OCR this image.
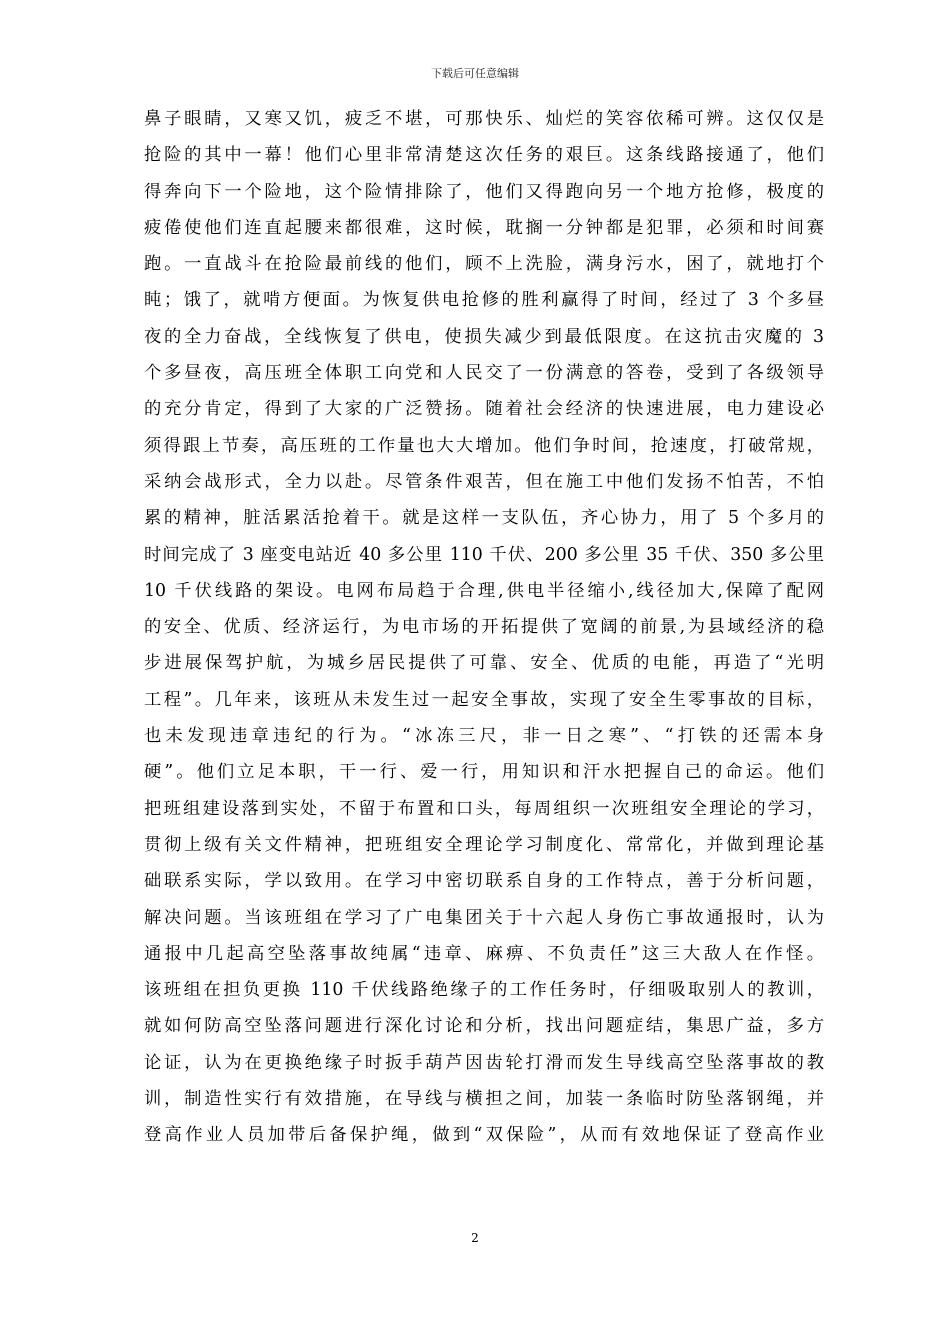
下载后可任意编辑
鼻子眼睛，又寒又饥，疲乏不堪，可那快乐、灿烂的笑容依稀可辨。这仅仅是
抢险的其中一幕！他们心里非常清楚这次任务的艰巨。这条线路接通了，他们
得奔向下一个险地，这个险情排除了，他们又得跑向另一个地方抢修，极度的
疲倦使他们连直起腰来都很难，这时候，耽搁一分钟都是犯罪，必须和时间赛
跑。一直战斗在抢险最前线的他们，顾不上洗脸，满身污水，困了，就地打个
盹；饿了，就啃方便面。为恢复供电抢修的胜利赢得了时间，经过了 3 个多昼
夜的全力奋战，全线恢复了供电，使损失减少到最低限度。在这抗击灾魔的 3
个多昼夜，高压班全体职工向党和人民交了一份满意的答卷，受到了各级领导
的充分肯定，得到了大家的广泛赞扬。随着社会经济的快速进展，电力建设必
须得跟上节奏，高压班的工作量也大大增加。他们争时间，抢速度，打破常规，
采纳会战形式，全力以赴。尽管条件艰苦，但在施工中他们发扬不怕苦，不怕
累的精神，脏活累活抢着干。就是这样一支队伍，齐心协力，用了 5 个多月的
时间完成了 3 座变电站近 40 多公里 110 千伏、200 多公里 35 千伏、350 多公里
10 千伏线路的架设。电网布局趋于合理,供电半径缩小,线径加大,保障了配网
的安全、优质、经济运行，为电市场的开拓提供了宽阔的前景,为县域经济的稳
步进展保驾护航，为城乡居民提供了可靠、安全、优质的电能，再造了“光明
工程”。几年来，该班从未发生过一起安全事故，实现了安全生零事故的目标，
也未发现违章违纪的行为。“冰冻三尺，非一日之寒”、“打铁的还需本身
硬”。他们立足本职，干一行、爱一行，用知识和汗水把握自己的命运。他们
把班组建设落到实处，不留于布置和口头，每周组织一次班组安全理论的学习，
贯彻上级有关文件精神，把班组安全理论学习制度化、常常化，并做到理论基
础联系实际，学以致用。在学习中密切联系自身的工作特点，善于分析问题，
解决问题。当该班组在学习了广电集团关于十六起人身伤亡事故通报时，认为
通报中几起高空坠落事故纯属“违章、麻痹、不负责任”这三大敌人在作怪。
该班组在担负更换 110 千伏线路绝缘子的工作任务时，仔细吸取别人的教训，
就如何防高空坠落问题进行深化讨论和分析，找出问题症结，集思广益，多方
论证，认为在更换绝缘子时扳手葫芦因齿轮打滑而发生导线高空坠落事故的教
训，制造性实行有效措施，在导线与横担之间，加装一条临时防坠落钢绳，并
登高作业人员加带后备保护绳，做到“双保险”，从而有效地保证了登高作业
2
